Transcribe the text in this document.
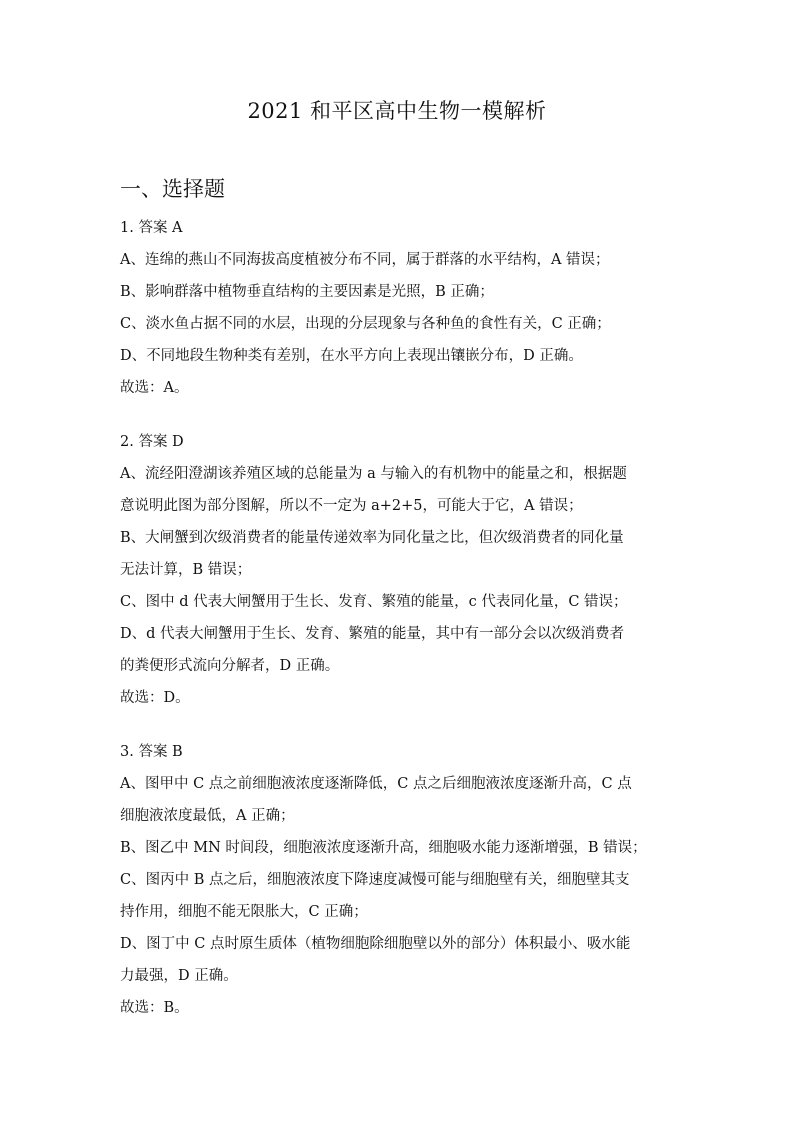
2021 和平区高中生物一模解析
一、选择题
1. 答案 A
A、连绵的燕山不同海拔高度植被分布不同，属于群落的水平结构，A 错误；
B、影响群落中植物垂直结构的主要因素是光照，B 正确；
C、淡水鱼占据不同的水层，出现的分层现象与各种鱼的食性有关，C 正确；
D、不同地段生物种类有差别，在水平方向上表现出镶嵌分布，D 正确。
故选：A。
2. 答案 D
A、流经阳澄湖该养殖区域的总能量为 a 与输入的有机物中的能量之和，根据题
意说明此图为部分图解，所以不一定为 a+2+5，可能大于它，A 错误；
B、大闸蟹到次级消费者的能量传递效率为同化量之比，但次级消费者的同化量
无法计算，B 错误；
C、图中 d 代表大闸蟹用于生长、发育、繁殖的能量，c 代表同化量，C 错误；
D、d 代表大闸蟹用于生长、发育、繁殖的能量，其中有一部分会以次级消费者
的粪便形式流向分解者，D 正确。
故选：D。
3. 答案 B
A、图甲中 C 点之前细胞液浓度逐渐降低，C 点之后细胞液浓度逐渐升高，C 点
细胞液浓度最低，A 正确；
B、图乙中 MN 时间段，细胞液浓度逐渐升高，细胞吸水能力逐渐增强，B 错误；
C、图丙中 B 点之后，细胞液浓度下降速度减慢可能与细胞壁有关，细胞壁其支
持作用，细胞不能无限胀大，C 正确；
D、图丁中 C 点时原生质体（植物细胞除细胞壁以外的部分）体积最小、吸水能
力最强，D 正确。
故选：B。
